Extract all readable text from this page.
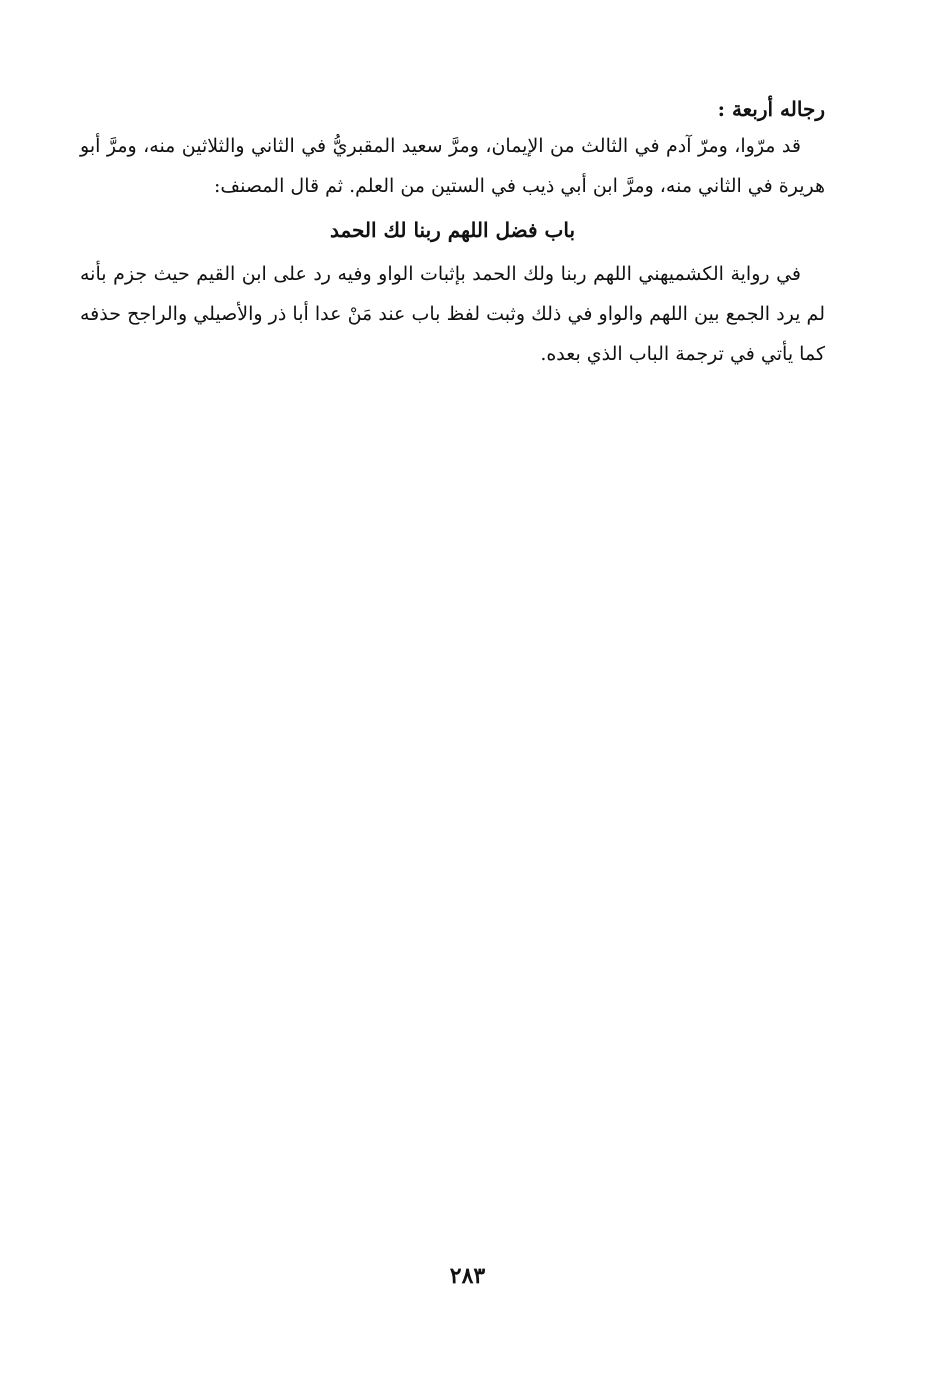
رجاله أربعة :

قد مرّوا، ومرّ آدم في الثالث من الإيمان، ومرَّ سعيد المقبريُّ في الثاني والثلاثين منه، ومرَّ أبو هريرة في الثاني منه، ومرَّ ابن أبي ذيب في الستين من العلم. ثم قال المصنف:

باب فضل اللهم ربنا لك الحمد

في رواية الكشميهني اللهم ربنا ولك الحمد بإثبات الواو وفيه رد على ابن القيم حيث جزم بأنه لم يرد الجمع بين اللهم والواو في ذلك وثبت لفظ باب عند مَنْ عدا أبا ذر والأصيلي والراجح حذفه كما يأتي في ترجمة الباب الذي بعده.

٢٨٣
